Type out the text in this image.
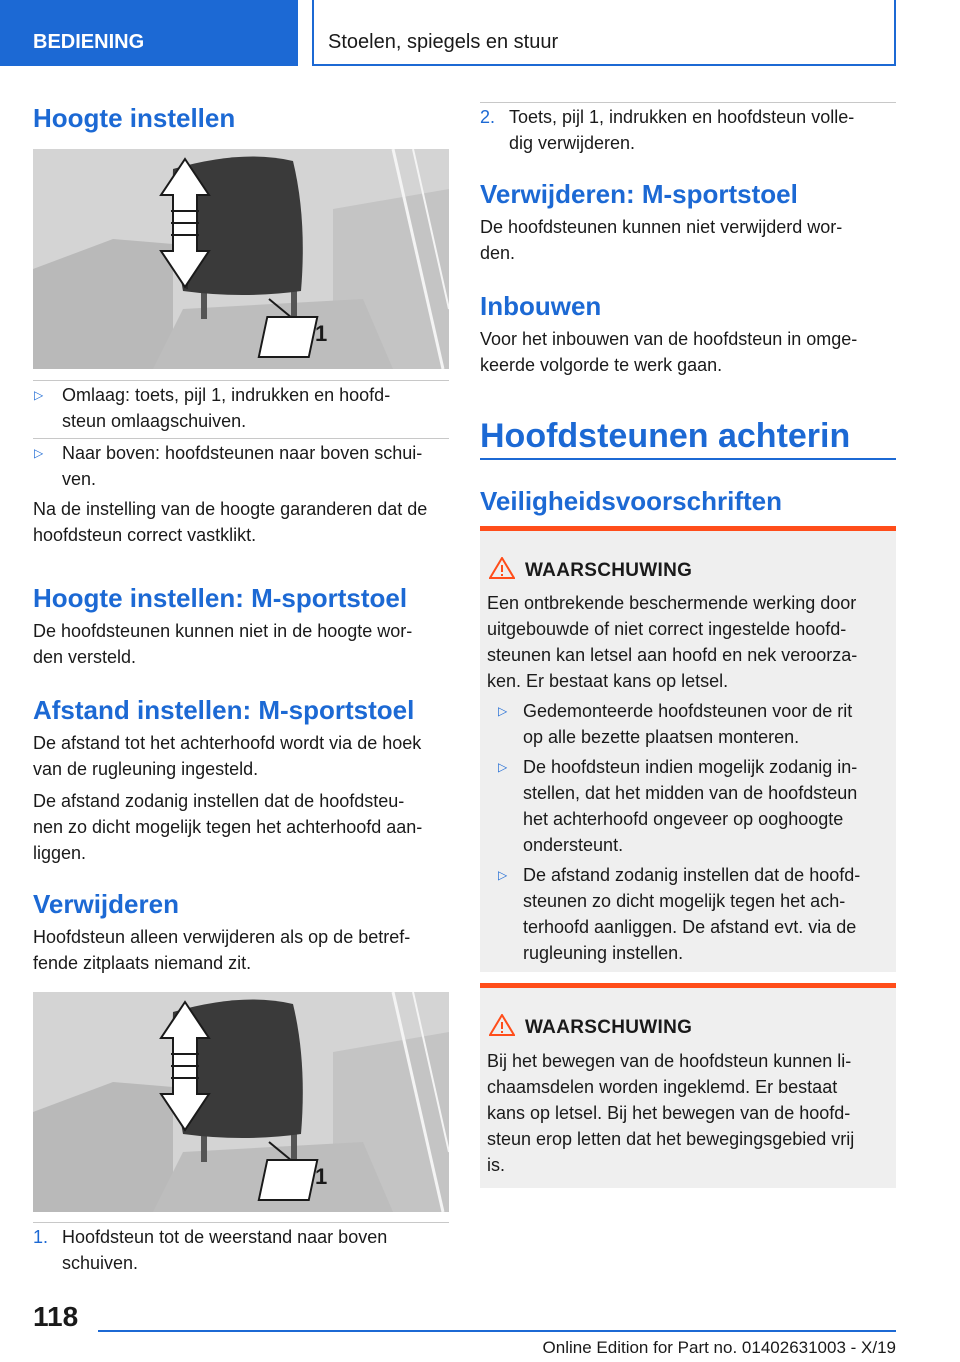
BEDIENING	Stoelen, spiegels en stuur
Hoogte instellen
1
▷ Omlaag: toets, pijl 1, indrukken en hoofd-
steun omlaagschuiven.
▷ Naar boven: hoofdsteunen naar boven schui-
ven.
Na de instelling van de hoogte garanderen dat de
hoofdsteun correct vastklikt.
Hoogte instellen: M-sportstoel
De hoofdsteunen kunnen niet in de hoogte wor-
den versteld.
Afstand instellen: M-sportstoel
De afstand tot het achterhoofd wordt via de hoek
van de rugleuning ingesteld.
De afstand zodanig instellen dat de hoofdsteu-
nen zo dicht mogelijk tegen het achterhoofd aan-
liggen.
Verwijderen
Hoofdsteun alleen verwijderen als op de betref-
fende zitplaats niemand zit.
1
1. Hoofdsteun tot de weerstand naar boven
schuiven.
2. Toets, pijl 1, indrukken en hoofdsteun volle-
dig verwijderen.
Verwijderen: M-sportstoel
De hoofdsteunen kunnen niet verwijderd wor-
den.
Inbouwen
Voor het inbouwen van de hoofdsteun in omge-
keerde volgorde te werk gaan.
Hoofdsteunen achterin
Veiligheidsvoorschriften
WAARSCHUWING
Een ontbrekende beschermende werking door
uitgebouwde of niet correct ingestelde hoofd-
steunen kan letsel aan hoofd en nek veroorza-
ken. Er bestaat kans op letsel.
▷ Gedemonteerde hoofdsteunen voor de rit
op alle bezette plaatsen monteren.
▷ De hoofdsteun indien mogelijk zodanig in-
stellen, dat het midden van de hoofdsteun
het achterhoofd ongeveer op ooghoogte
ondersteunt.
▷ De afstand zodanig instellen dat de hoofd-
steunen zo dicht mogelijk tegen het ach-
terhoofd aanliggen. De afstand evt. via de
rugleuning instellen.
WAARSCHUWING
Bij het bewegen van de hoofdsteun kunnen li-
chaamsdelen worden ingeklemd. Er bestaat
kans op letsel. Bij het bewegen van de hoofd-
steun erop letten dat het bewegingsgebied vrij
is.
118
Online Edition for Part no. 01402631003 - X/19
